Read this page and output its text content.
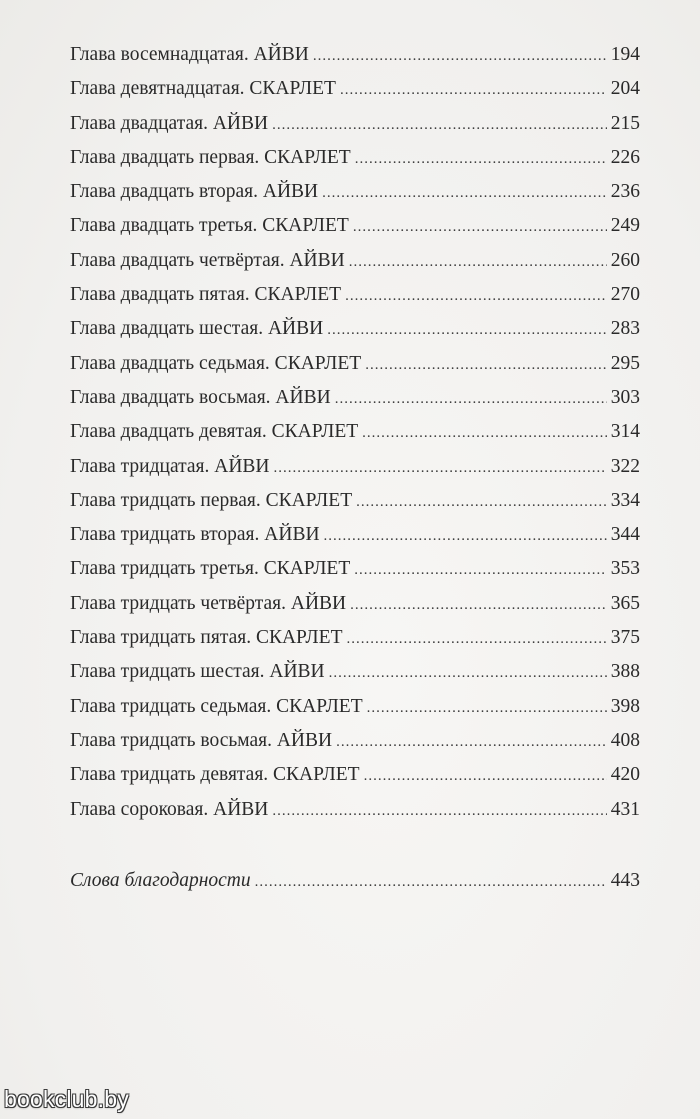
Глава восемнадцатая. АЙВИ .....	194
Глава девятнадцатая. СКАРЛЕТ .....	204
Глава двадцатая. АЙВИ .....	215
Глава двадцать первая. СКАРЛЕТ .....	226
Глава двадцать вторая. АЙВИ .....	236
Глава двадцать третья. СКАРЛЕТ .....	249
Глава двадцать четвёртая. АЙВИ .....	260
Глава двадцать пятая. СКАРЛЕТ .....	270
Глава двадцать шестая. АЙВИ .....	283
Глава двадцать седьмая. СКАРЛЕТ .....	295
Глава двадцать восьмая. АЙВИ .....	303
Глава двадцать девятая. СКАРЛЕТ .....	314
Глава тридцатая. АЙВИ .....	322
Глава тридцать первая. СКАРЛЕТ .....	334
Глава тридцать вторая. АЙВИ .....	344
Глава тридцать третья. СКАРЛЕТ .....	353
Глава тридцать четвёртая. АЙВИ .....	365
Глава тридцать пятая. СКАРЛЕТ .....	375
Глава тридцать шестая. АЙВИ .....	388
Глава тридцать седьмая. СКАРЛЕТ .....	398
Глава тридцать восьмая. АЙВИ .....	408
Глава тридцать девятая. СКАРЛЕТ .....	420
Глава сороковая. АЙВИ .....	431
Слова благодарности .....	443
bookclub.by
